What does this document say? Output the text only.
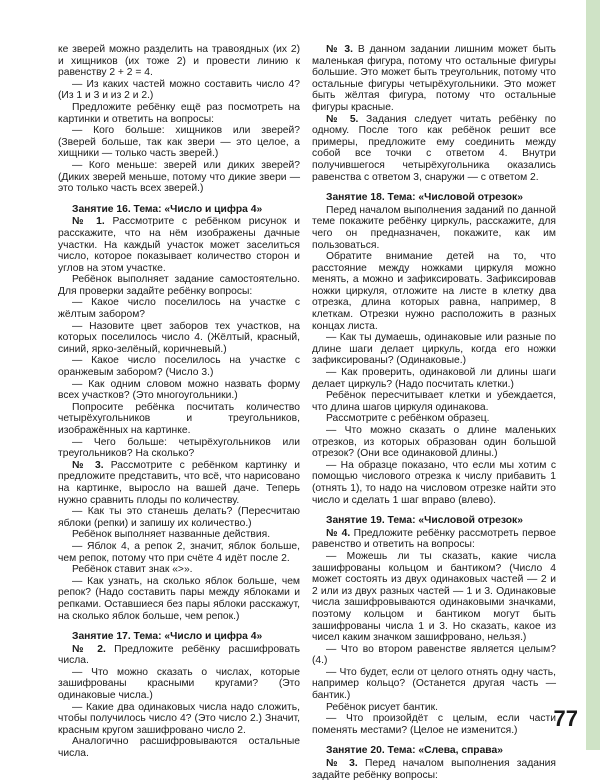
ке зверей можно разделить на травоядных (их 2) и хищников (их тоже 2) и провести линию к равенству 2 + 2 = 4.

— Из каких частей можно составить число 4? (Из 1 и 3 и из 2 и 2.)

Предложите ребёнку ещё раз посмотреть на картинки и ответить на вопросы:

— Кого больше: хищников или зверей? (Зверей больше, так как звери — это целое, а хищники — только часть зверей.)

— Кого меньше: зверей или диких зверей? (Диких зверей меньше, потому что дикие звери — это только часть всех зверей.)

Занятие 16. Тема: «Число и цифра 4»

№ 1. Рассмотрите с ребёнком рисунок и расскажите, что на нём изображены дачные участки. На каждый участок может заселиться число, которое показывает количество сторон и углов на этом участке.

Ребёнок выполняет задание самостоятельно. Для проверки задайте ребёнку вопросы:

— Какое число поселилось на участке с жёлтым забором?

— Назовите цвет заборов тех участков, на которых поселилось число 4. (Жёлтый, красный, синий, ярко-зелёный, коричневый.)

— Какое число поселилось на участке с оранжевым забором? (Число 3.)

— Как одним словом можно назвать форму всех участков? (Это многоугольники.)

Попросите ребёнка посчитать количество четырёхугольников и треугольников, изображённых на картинке.

— Чего больше: четырёхугольников или треугольников? На сколько?

№ 3. Рассмотрите с ребёнком картинку и предложите представить, что всё, что нарисовано на картинке, выросло на вашей даче. Теперь нужно сравнить плоды по количеству.

— Как ты это станешь делать? (Пересчитаю яблоки (репки) и запишу их количество.)

Ребёнок выполняет названные действия.

— Яблок 4, а репок 2, значит, яблок больше, чем репок, потому что при счёте 4 идёт после 2.

Ребёнок ставит знак «>».

— Как узнать, на сколько яблок больше, чем репок? (Надо составить пары между яблоками и репками. Оставшиеся без пары яблоки расскажут, на сколько яблок больше, чем репок.)

Занятие 17. Тема: «Число и цифра 4»

№ 2. Предложите ребёнку расшифровать числа.

— Что можно сказать о числах, которые зашифрованы красными кругами? (Это одинаковые числа.)

— Какие два одинаковых числа надо сложить, чтобы получилось число 4? (Это число 2.) Значит, красным кругом зашифровано число 2.

Аналогично расшифровываются остальные числа.

№ 3. В данном задании лишним может быть маленькая фигура, потому что остальные фигуры большие. Это может быть треугольник, потому что остальные фигуры четырёхугольники. Это может быть жёлтая фигура, потому что остальные фигуры красные.

№ 5. Задания следует читать ребёнку по одному. После того как ребёнок решит все примеры, предложите ему соединить между собой все точки с ответом 4. Внутри получившегося четырёхугольника оказались равенства с ответом 3, снаружи — с ответом 2.

Занятие 18. Тема: «Числовой отрезок»

Перед началом выполнения заданий по данной теме покажите ребёнку циркуль, расскажите, для чего он предназначен, покажите, как им пользоваться.

Обратите внимание детей на то, что расстояние между ножками циркуля можно менять, а можно и зафиксировать. Зафиксировав ножки циркуля, отложите на листе в клетку два отрезка, длина которых равна, например, 8 клеткам. Отрезки нужно расположить в разных концах листа.

— Как ты думаешь, одинаковые или разные по длине шаги делает циркуль, когда его ножки зафиксированы? (Одинаковые.)

— Как проверить, одинаковой ли длины шаги делает циркуль? (Надо посчитать клетки.)

Ребёнок пересчитывает клетки и убеждается, что длина шагов циркуля одинакова.

Рассмотрите с ребёнком образец.

— Что можно сказать о длине маленьких отрезков, из которых образован один большой отрезок? (Они все одинаковой длины.)

— На образце показано, что если мы хотим с помощью числового отрезка к числу прибавить 1 (отнять 1), то надо на числовом отрезке найти это число и сделать 1 шаг вправо (влево).

Занятие 19. Тема: «Числовой отрезок»

№ 4. Предложите ребёнку рассмотреть первое равенство и ответить на вопросы:

— Можешь ли ты сказать, какие числа зашифрованы кольцом и бантиком? (Число 4 может состоять из двух одинаковых частей — 2 и 2 или из двух разных частей — 1 и 3. Одинаковые числа зашифровываются одинаковыми значками, поэтому кольцом и бантиком могут быть зашифрованы числа 1 и 3. Но сказать, какое из чисел каким значком зашифровано, нельзя.)

— Что во втором равенстве является целым? (4.)

— Что будет, если от целого отнять одну часть, например кольцо? (Останется другая часть — бантик.)

Ребёнок рисует бантик.

— Что произойдёт с целым, если части поменять местами? (Целое не изменится.)

Занятие 20. Тема: «Слева, справа»

№ 3. Перед началом выполнения задания задайте ребёнку вопросы:

77
